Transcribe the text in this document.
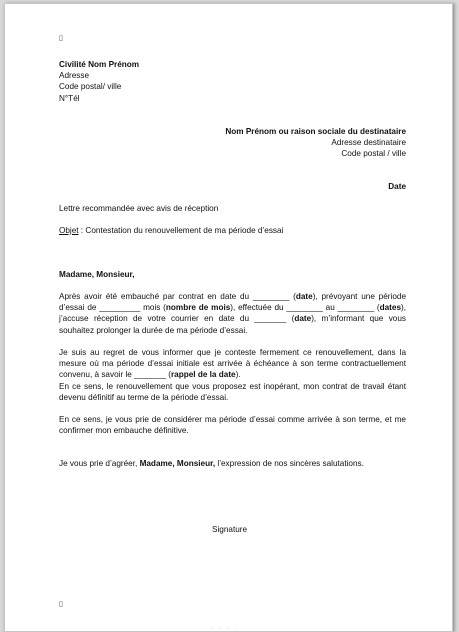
▯
Civilité Nom Prénom
Adresse
Code postal/ ville
N°Tél
Nom Prénom ou raison sociale du destinataire
Adresse destinataire
Code postal / ville
Date
Lettre recommandée avec avis de réception
Objet : Contestation du renouvellement de ma période d’essai
Madame, Monsieur,
Après avoir été embauché par contrat en date du ________ (date), prévoyant une période d’essai de _________ mois (nombre de mois), effectuée du ________ au ________ (dates), j’accuse réception de votre courrier en date du _______ (date), m’informant que vous souhaitez prolonger la durée de ma période d’essai.
Je suis au regret de vous informer que je conteste fermement ce renouvellement, dans la mesure où ma période d’essai initiale est arrivée à échéance à son terme contractuellement convenu, à savoir le _______ (rappel de la date).
En ce sens, le renouvellement que vous proposez est inopérant, mon contrat de travail étant devenu définitif au terme de la période d’essai.
En ce sens, je vous prie de considérer ma période d’essai comme arrivée à son terme, et me confirmer mon embauche définitive.
Je vous prie d’agréer, Madame, Monsieur, l’expression de nos sincères salutations.
Signature
▯
· · · ·
